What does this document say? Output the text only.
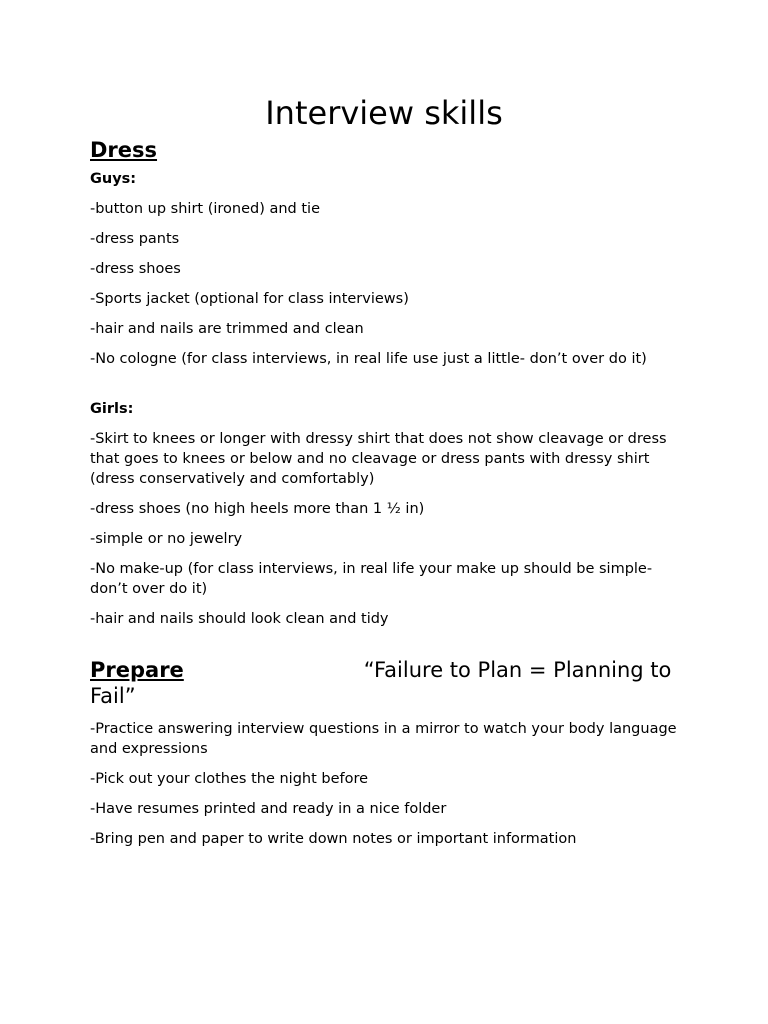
Interview skills
Dress
Guys:

-button up shirt (ironed) and tie

-dress pants

-dress shoes

-Sports jacket (optional for class interviews)

-hair and nails are trimmed and clean

-No cologne (for class interviews, in real life use just a little- don’t over do it)

Girls:

-Skirt to knees or longer with dressy shirt that does not show cleavage or dress that goes to knees or below and no cleavage or dress pants with dressy shirt (dress conservatively and comfortably)

-dress shoes (no high heels more than 1 ½ in)

-simple or no jewelry

-No make-up (for class interviews, in real life your make up should be simple- don’t over do it)

-hair and nails should look clean and tidy

Prepare	“Failure to Plan = Planning to Fail”

-Practice answering interview questions in a mirror to watch your body language and expressions

-Pick out your clothes the night before

-Have resumes printed and ready in a nice folder

-Bring pen and paper to write down notes or important information
